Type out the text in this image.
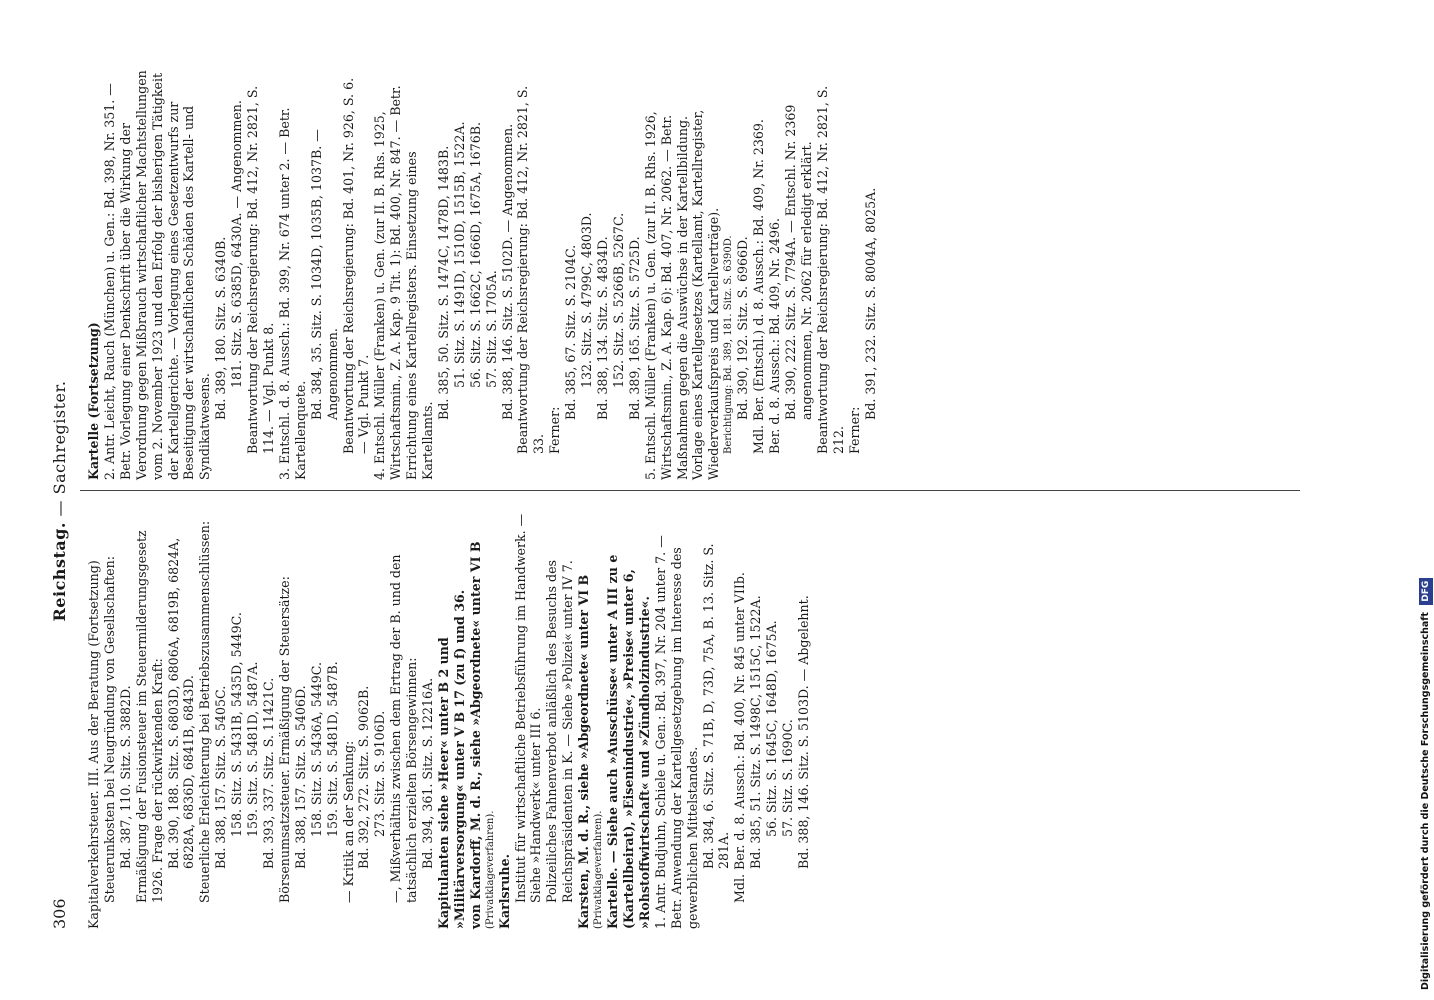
306
Reichstag. — Sachregister.

Kapitalverkehrsteuer. III. Aus der Beratung (Fortsetzung) Steuerunkosten bei Neugründung von Gesellschaften: Bd. 387, 110. Sitz. S. 3882D. Ermäßigung der Fusionsteuer im Steuermilderungsgesetz 1926. Frage der rückwirkenden Kraft: Bd. 390, 188. Sitz. S. 6803D, 6806A, 6819B, 6824A, 6828A, 6836D, 6841B, 6843D. Steuerliche Erleichterung bei Betriebszusammenschlüssen: Bd. 388, 157. Sitz. S. 5405C. 158. Sitz. S. 5431B, 5435D, 5449C. 159. Sitz. S. 5481D, 5487A. Bd. 393, 337. Sitz. S. 11421C. Börsenumsatzsteuer. Ermäßigung der Steuersätze: Bd. 388, 157. Sitz. S. 5406D. 158. Sitz. S. 5436A, 5449C. 159. Sitz. S. 5481D, 5487B. — Kritik an der Senkung: Bd. 392, 272. Sitz. S. 9062B. 273. Sitz. S. 9106D. —, Mißverhältnis zwischen dem Ertrag der B. und den tatsächlich erzielten Börsengewinnen: Bd. 394, 361. Sitz. S. 12216A. Kapitulanten siehe »Heer« unter B 2 und »Militärversorgung« unter V B 17 (zu f) und 36. von Kardorff, M. d. R., siehe »Abgeordnete« unter VI B (Privatklageverfahren). Karlsruhe. Institut für wirtschaftliche Betriebsführung im Handwerk. — Siehe »Handwerk« unter III 6. Polizeiliches Fahnenverbot anläßlich des Besuchs des Reichspräsidenten in K. — Siehe »Polizei« unter IV 7. Karsten, M. d. R., siehe »Abgeordnete« unter VI B (Privatklageverfahren). Kartelle. — Siehe auch »Ausschüsse« unter A III zu e (Kartellbeirat), »Eisenindustrie«, »Preise« unter 6, »Rohstoffwirtschaft« und »Zündholzindustrie«. 1. Antr. Budjuhn, Schiele u. Gen.: Bd. 397, Nr. 204 unter 7. — Betr. Anwendung der Kartellgesetzgebung im Interesse des gewerblichen Mittelstandes. Bd. 384, 6. Sitz. S. 71B, D, 73D, 75A, B. 13. Sitz. S. 281A. Mdl. Ber. d. 8. Aussch.: Bd. 400, Nr. 845 unter VIIb. Bd. 385, 51. Sitz. S. 1498C, 1515C, 1522A. 56. Sitz. S. 1645C, 1648D, 1675A. 57. Sitz. S. 1690C. Bd. 388, 146. Sitz. S. 5103D. — Abgelehnt.

Kartelle (Fortsetzung) 2. Antr. Leicht, Rauch (München) u. Gen.: Bd. 398, Nr. 351. — Betr. Vorlegung einer Denkschrift über die Wirkung der Verordnung gegen Mißbrauch wirtschaftlicher Machtstellungen vom 2. November 1923 und den Erfolg der bisherigen Tätigkeit der Kartellgerichte. — Vorlegung eines Gesetzentwurfs zur Beseitigung der wirtschaftlichen Schäden des Kartell- und Syndikatwesens.

Bd. 389, 180. Sitz. S. 6340B. 181. Sitz. S. 6385D, 6430A. — Angenommen. Beantwortung der Reichsregierung: Bd. 412, Nr. 2821, S. 114. — Vgl. Punkt 8. 3. Entschl. d. 8. Aussch.: Bd. 399, Nr. 674 unter 2. — Betr. Kartellenquete.

Bd. 384, 35. Sitz. S. 1034D, 1035B, 1037B. — Angenommen. Beantwortung der Reichsregierung: Bd. 401, Nr. 926, S. 6. — Vgl. Punkt 7. 4. Entschl. Müller (Franken) u. Gen. (zur II. B. Rhs. 1925, Wirtschaftsmin., Z. A. Kap. 9 Tit. 1): Bd. 400, Nr. 847. — Betr. Errichtung eines Kartellregisters. Einsetzung eines Kartellamts.

Bd. 385, 50. Sitz. S. 1474C, 1478D, 1483B. 51. Sitz. S. 1491D, 1510D, 1515B, 1522A. 56. Sitz. S. 1662C, 1666D, 1675A, 1676B. 57. Sitz. S. 1705A. Bd. 388, 146. Sitz. S. 5102D. — Angenommen. Beantwortung der Reichsregierung: Bd. 412, Nr. 2821, S. 33. Ferner:

Bd. 385, 67. Sitz. S. 2104C. 132. Sitz. S. 4799C, 4803D. Bd. 388, 134. Sitz. S. 4834D. 152. Sitz. S. 5266B, 5267C. Bd. 389, 165. Sitz. S. 5725D. 5. Entschl. Müller (Franken) u. Gen. (zur II. B. Rhs. 1926, Wirtschaftsmin., Z. A. Kap. 6): Bd. 407, Nr. 2062. — Betr. Maßnahmen gegen die Auswüchse in der Kartellbildung. Vorlage eines Kartellgesetzes (Kartellamt, Kartellregister, Wiederverkaufspreis und Kartellverträge). Berichtigung: Bd. 389, 181. Sitz. S. 6390D. Bd. 390, 192. Sitz. S. 6966D. Mdl. Ber. (Entschl.) d. 8. Aussch.: Bd. 409, Nr. 2369. Ber. d. 8. Aussch.: Bd. 409, Nr. 2496. Bd. 390, 222. Sitz. S. 7794A. — Entschl. Nr. 2369 angenommen, Nr. 2062 für erledigt erklärt. Beantwortung der Reichsregierung: Bd. 412, Nr. 2821, S. 212. Ferner:

Bd. 391, 232. Sitz. S. 8004A, 8025A.

Digitalisierung gefördert durch die Deutsche Forschungsgemeinschaft DFG
